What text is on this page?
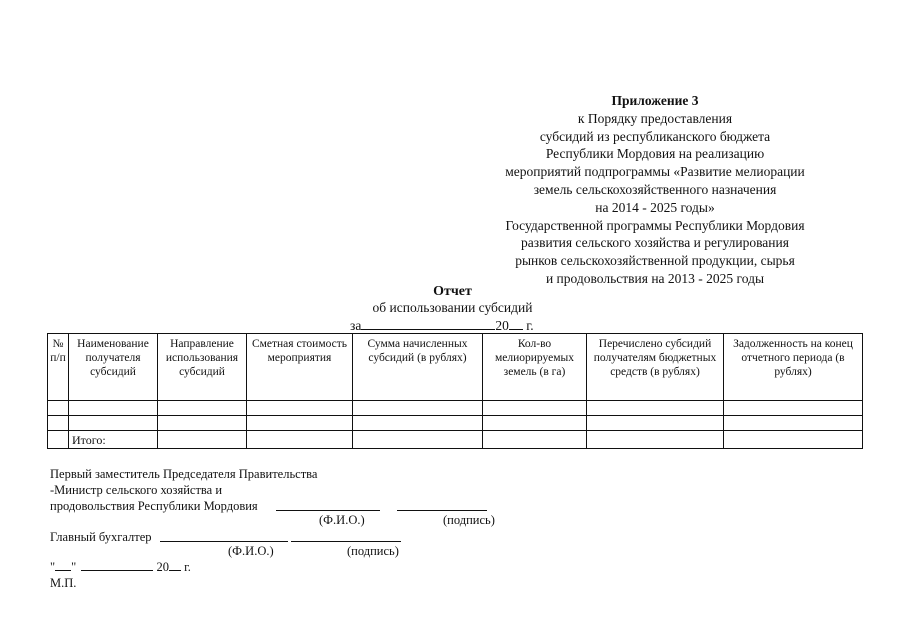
Приложение 3
к Порядку предоставления
субсидий из республиканского бюджета
Республики Мордовия на реализацию
мероприятий подпрограммы «Развитие мелиорации
земель сельскохозяйственного назначения
на 2014 - 2025 годы»
Государственной программы Республики Мордовия
развития сельского хозяйства и регулирования
рынков сельскохозяйственной продукции, сырья
и продовольствия на 2013 - 2025 годы
Отчет
об использовании субсидий
за	20 г.
№ п/п	Наименование получателя субсидий	Направление использования субсидий	Сметная стоимость мероприятия	Сумма начисленных субсидий (в рублях)	Кол-во мелиорируемых земель (в га)	Перечислено субсидий получателям бюджетных средств (в рублях)	Задолженность на конец отчетного периода (в рублях)

	Итого:						
Первый заместитель Председателя Правительства
-Министр сельского хозяйства и
продовольствия Республики Мордовия
(Ф.И.О.)	(подпись)
Главный бухгалтер
(Ф.И.О.)	(подпись)
" "	20 г.
М.П.
